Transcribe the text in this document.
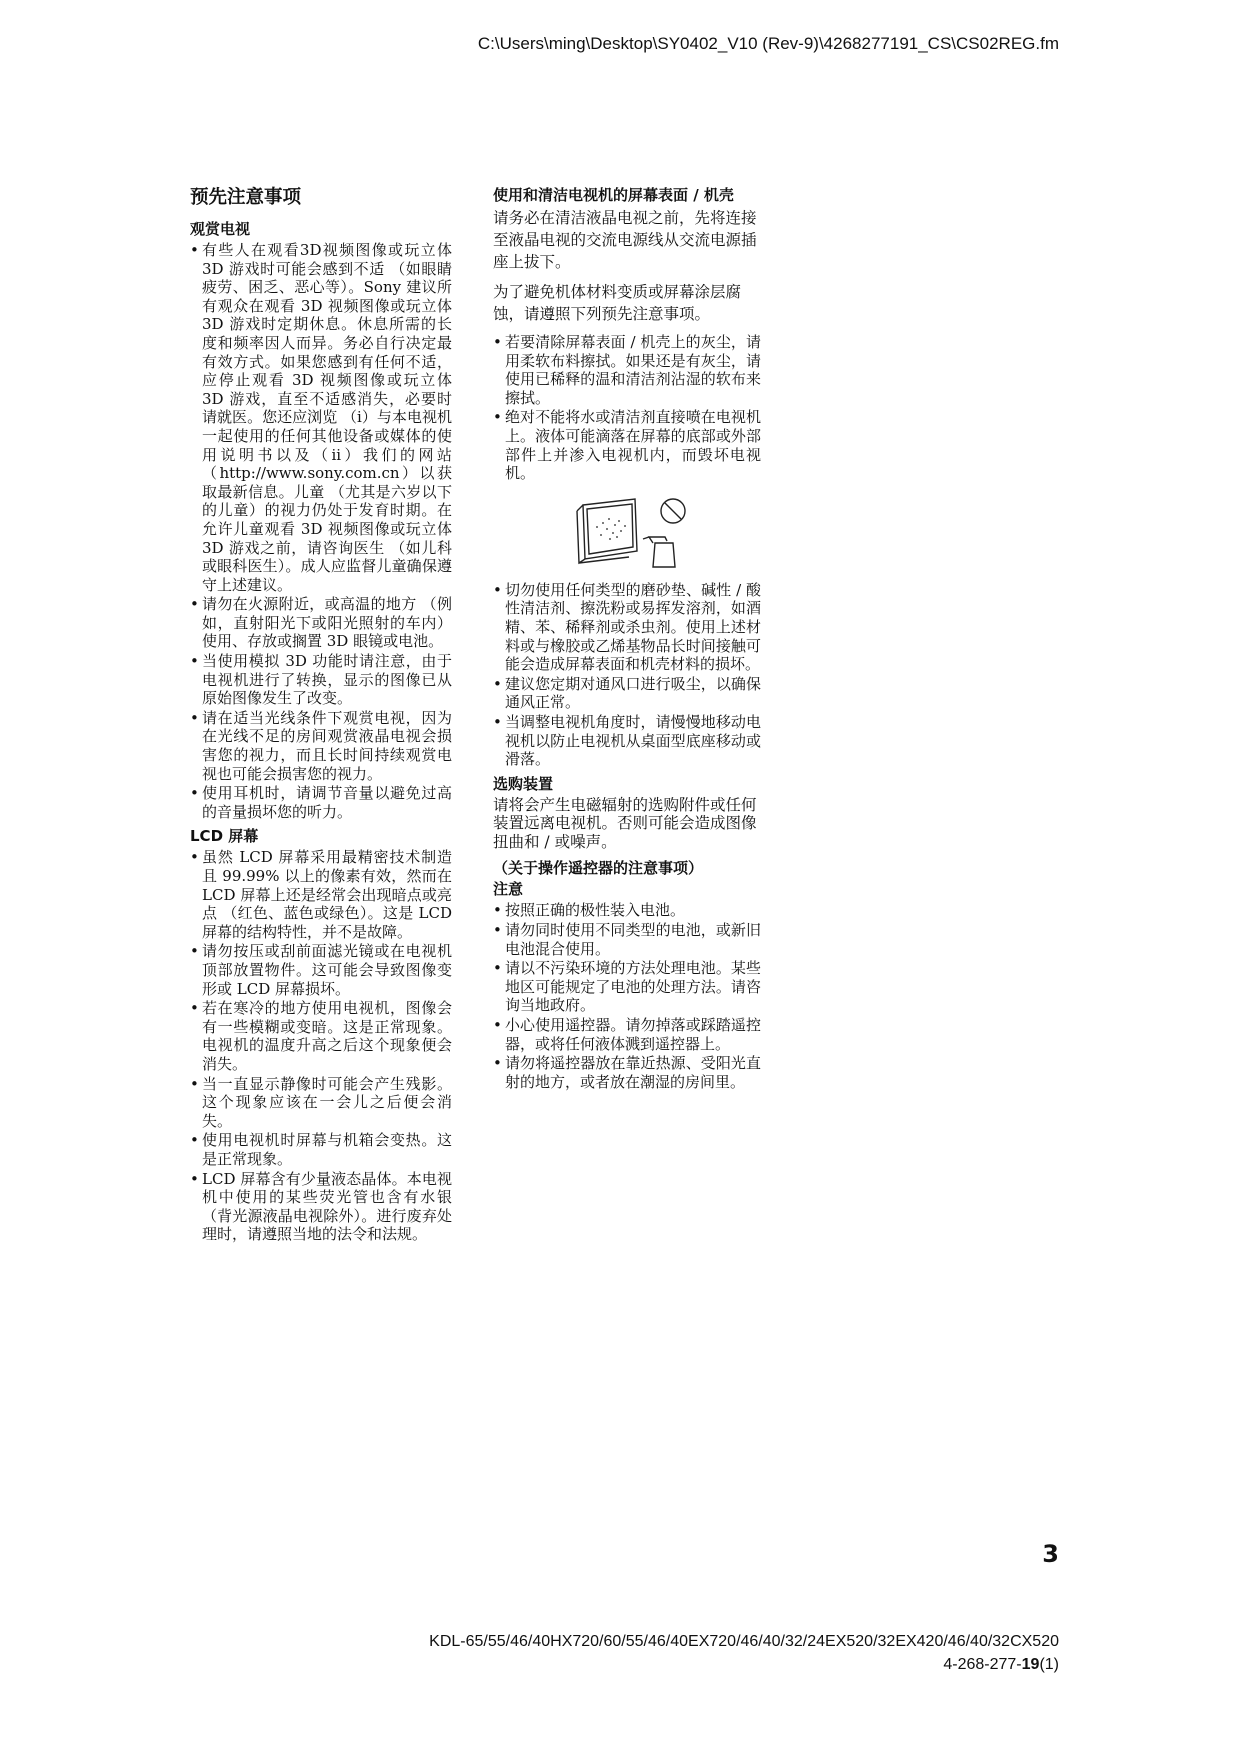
C:\Users\ming\Desktop\SY0402_V10 (Rev-9)\4268277191_CS\CS02REG.fm
预先注意事项
观赏电视
• 有些人在观看3D视频图像或玩立体 3D 游戏时可能会感到不适 （如眼睛疲劳、困乏、恶心等）。Sony 建议所有观众在观看 3D 视频图像或玩立体 3D 游戏时定期休息。休息所需的长度和频率因人而异。务必自行决定最有效方式。如果您感到有任何不适，应停止观看 3D 视频图像或玩立体 3D 游戏，直至不适感消失，必要时请就医。您还应浏览 （i）与本电视机一起使用的任何其他设备或媒体的使用说明书以及（ii）我们的网站（http://www.sony.com.cn）以获取最新信息。儿童 （尤其是六岁以下的儿童）的视力仍处于发育时期。在允许儿童观看 3D 视频图像或玩立体 3D 游戏之前，请咨询医生 （如儿科或眼科医生）。成人应监督儿童确保遵守上述建议。
• 请勿在火源附近，或高温的地方 （例如，直射阳光下或阳光照射的车内）使用、存放或搁置 3D 眼镜或电池。
• 当使用模拟 3D 功能时请注意，由于电视机进行了转换，显示的图像已从原始图像发生了改变。
• 请在适当光线条件下观赏电视，因为在光线不足的房间观赏液晶电视会损害您的视力，而且长时间持续观赏电视也可能会损害您的视力。
• 使用耳机时，请调节音量以避免过高的音量损坏您的听力。
LCD 屏幕
• 虽然 LCD 屏幕采用最精密技术制造且 99.99% 以上的像素有效，然而在 LCD 屏幕上还是经常会出现暗点或亮点 （红色、蓝色或绿色）。这是 LCD 屏幕的结构特性，并不是故障。
• 请勿按压或刮前面滤光镜或在电视机顶部放置物件。这可能会导致图像变形或 LCD 屏幕损坏。
• 若在寒冷的地方使用电视机，图像会有一些模糊或变暗。这是正常现象。电视机的温度升高之后这个现象便会消失。
• 当一直显示静像时可能会产生残影。这个现象应该在一会儿之后便会消失。
• 使用电视机时屏幕与机箱会变热。这是正常现象。
• LCD 屏幕含有少量液态晶体。本电视机中使用的某些荧光管也含有水银 （背光源液晶电视除外）。进行废弃处理时，请遵照当地的法令和法规。
使用和清洁电视机的屏幕表面 / 机壳

请务必在清洁液晶电视之前，先将连接至液晶电视的交流电源线从交流电源插座上拔下。

为了避免机体材料变质或屏幕涂层腐蚀，请遵照下列预先注意事项。

• 若要清除屏幕表面 / 机壳上的灰尘，请用柔软布料擦拭。如果还是有灰尘，请使用已稀释的温和清洁剂沾湿的软布来擦拭。
• 绝对不能将水或清洁剂直接喷在电视机上。液体可能滴落在屏幕的底部或外部部件上并渗入电视机内，而毁坏电视机。
• 切勿使用任何类型的磨砂垫、碱性 / 酸性清洁剂、擦洗粉或易挥发溶剂，如酒精、苯、稀释剂或杀虫剂。使用上述材料或与橡胶或乙烯基物品长时间接触可能会造成屏幕表面和机壳材料的损坏。
• 建议您定期对通风口进行吸尘，以确保通风正常。
• 当调整电视机角度时，请慢慢地移动电视机以防止电视机从桌面型底座移动或滑落。
选购装置

请将会产生电磁辐射的选购附件或任何装置远离电视机。否则可能会造成图像扭曲和 / 或噪声。

（关于操作遥控器的注意事项）
注意
• 按照正确的极性装入电池。
• 请勿同时使用不同类型的电池，或新旧电池混合使用。
• 请以不污染环境的方法处理电池。某些地区可能规定了电池的处理方法。请咨询当地政府。
• 小心使用遥控器。请勿掉落或踩踏遥控器，或将任何液体溅到遥控器上。
• 请勿将遥控器放在靠近热源、受阳光直射的地方，或者放在潮湿的房间里。
3
KDL-65/55/46/40HX720/60/55/46/40EX720/46/40/32/24EX520/32EX420/46/40/32CX520
4-268-277-19(1)
